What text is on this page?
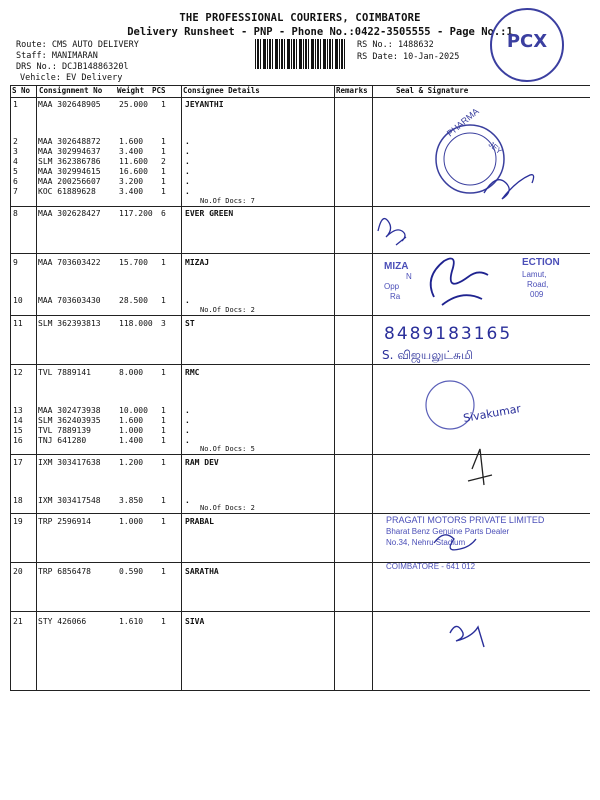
THE PROFESSIONAL COURIERS, COIMBATORE
Delivery Runsheet - PNP - Phone No.:0422-3505555 - Page No.:1
Route: CMS AUTO DELIVERY
Staff: MANIMARAN
DRS No.: DCJB14886320l
Vehicle: EV Delivery
RS No.: 1488632
RS Date: 10-Jan-2025
PCX
S No Consignment No Weight PCS Consignee Details	Remarks	Seal & Signature
1	MAA 302648905 25.000 1 JEYANTHI
2	MAA 302648872 1.600 1 .
3	MAA 302994637 3.400 1 .
4	SLM 362386786 11.600 2 .
5	MAA 302994615 16.600 1 .
6	MAA 200256607 3.200 1 .
7	KOC 61889628	3.400 1 .
8	MAA 302628427 117.200 6 EVER GREEN
9	MAA 703603422 15.700 1 MIZAJ
10 MAA 703603430 28.500 1 .
11 SLM 362393813 118.000 3 ST
12 TVL 7889141	8.000 1 RMC
13 MAA 302473938 10.000 1 .
14 SLM 362403935 1.600 1 .
15 TVL 7889139	1.000 1 .
16 TNJ 641280	1.400 1 .
17 IXM 303417638 1.200 1 RAM DEV
18 IXM 303417548 3.850 1 .
19 TRP 2596914	1.000 1 PRABAL
20 TRP 6856478	0.590 1 SARATHA
21 STY 426066	1.610 1 SIVA
No.Of Docs: 7
No.Of Docs: 2
No.Of Docs: 5
No.Of Docs: 2
PHARMA
JEY
MIZA	ECTION
N	Lamut,
Opp	Road,
Ra	009
8489183165
S. விஜயலுட்சுமி
Sivakumar
PRAGATI MOTORS PRIVATE LIMITED
Bharat Benz Genuine Parts Dealer
No.34, Nehru Stadium
COIMBATORE - 641 012
